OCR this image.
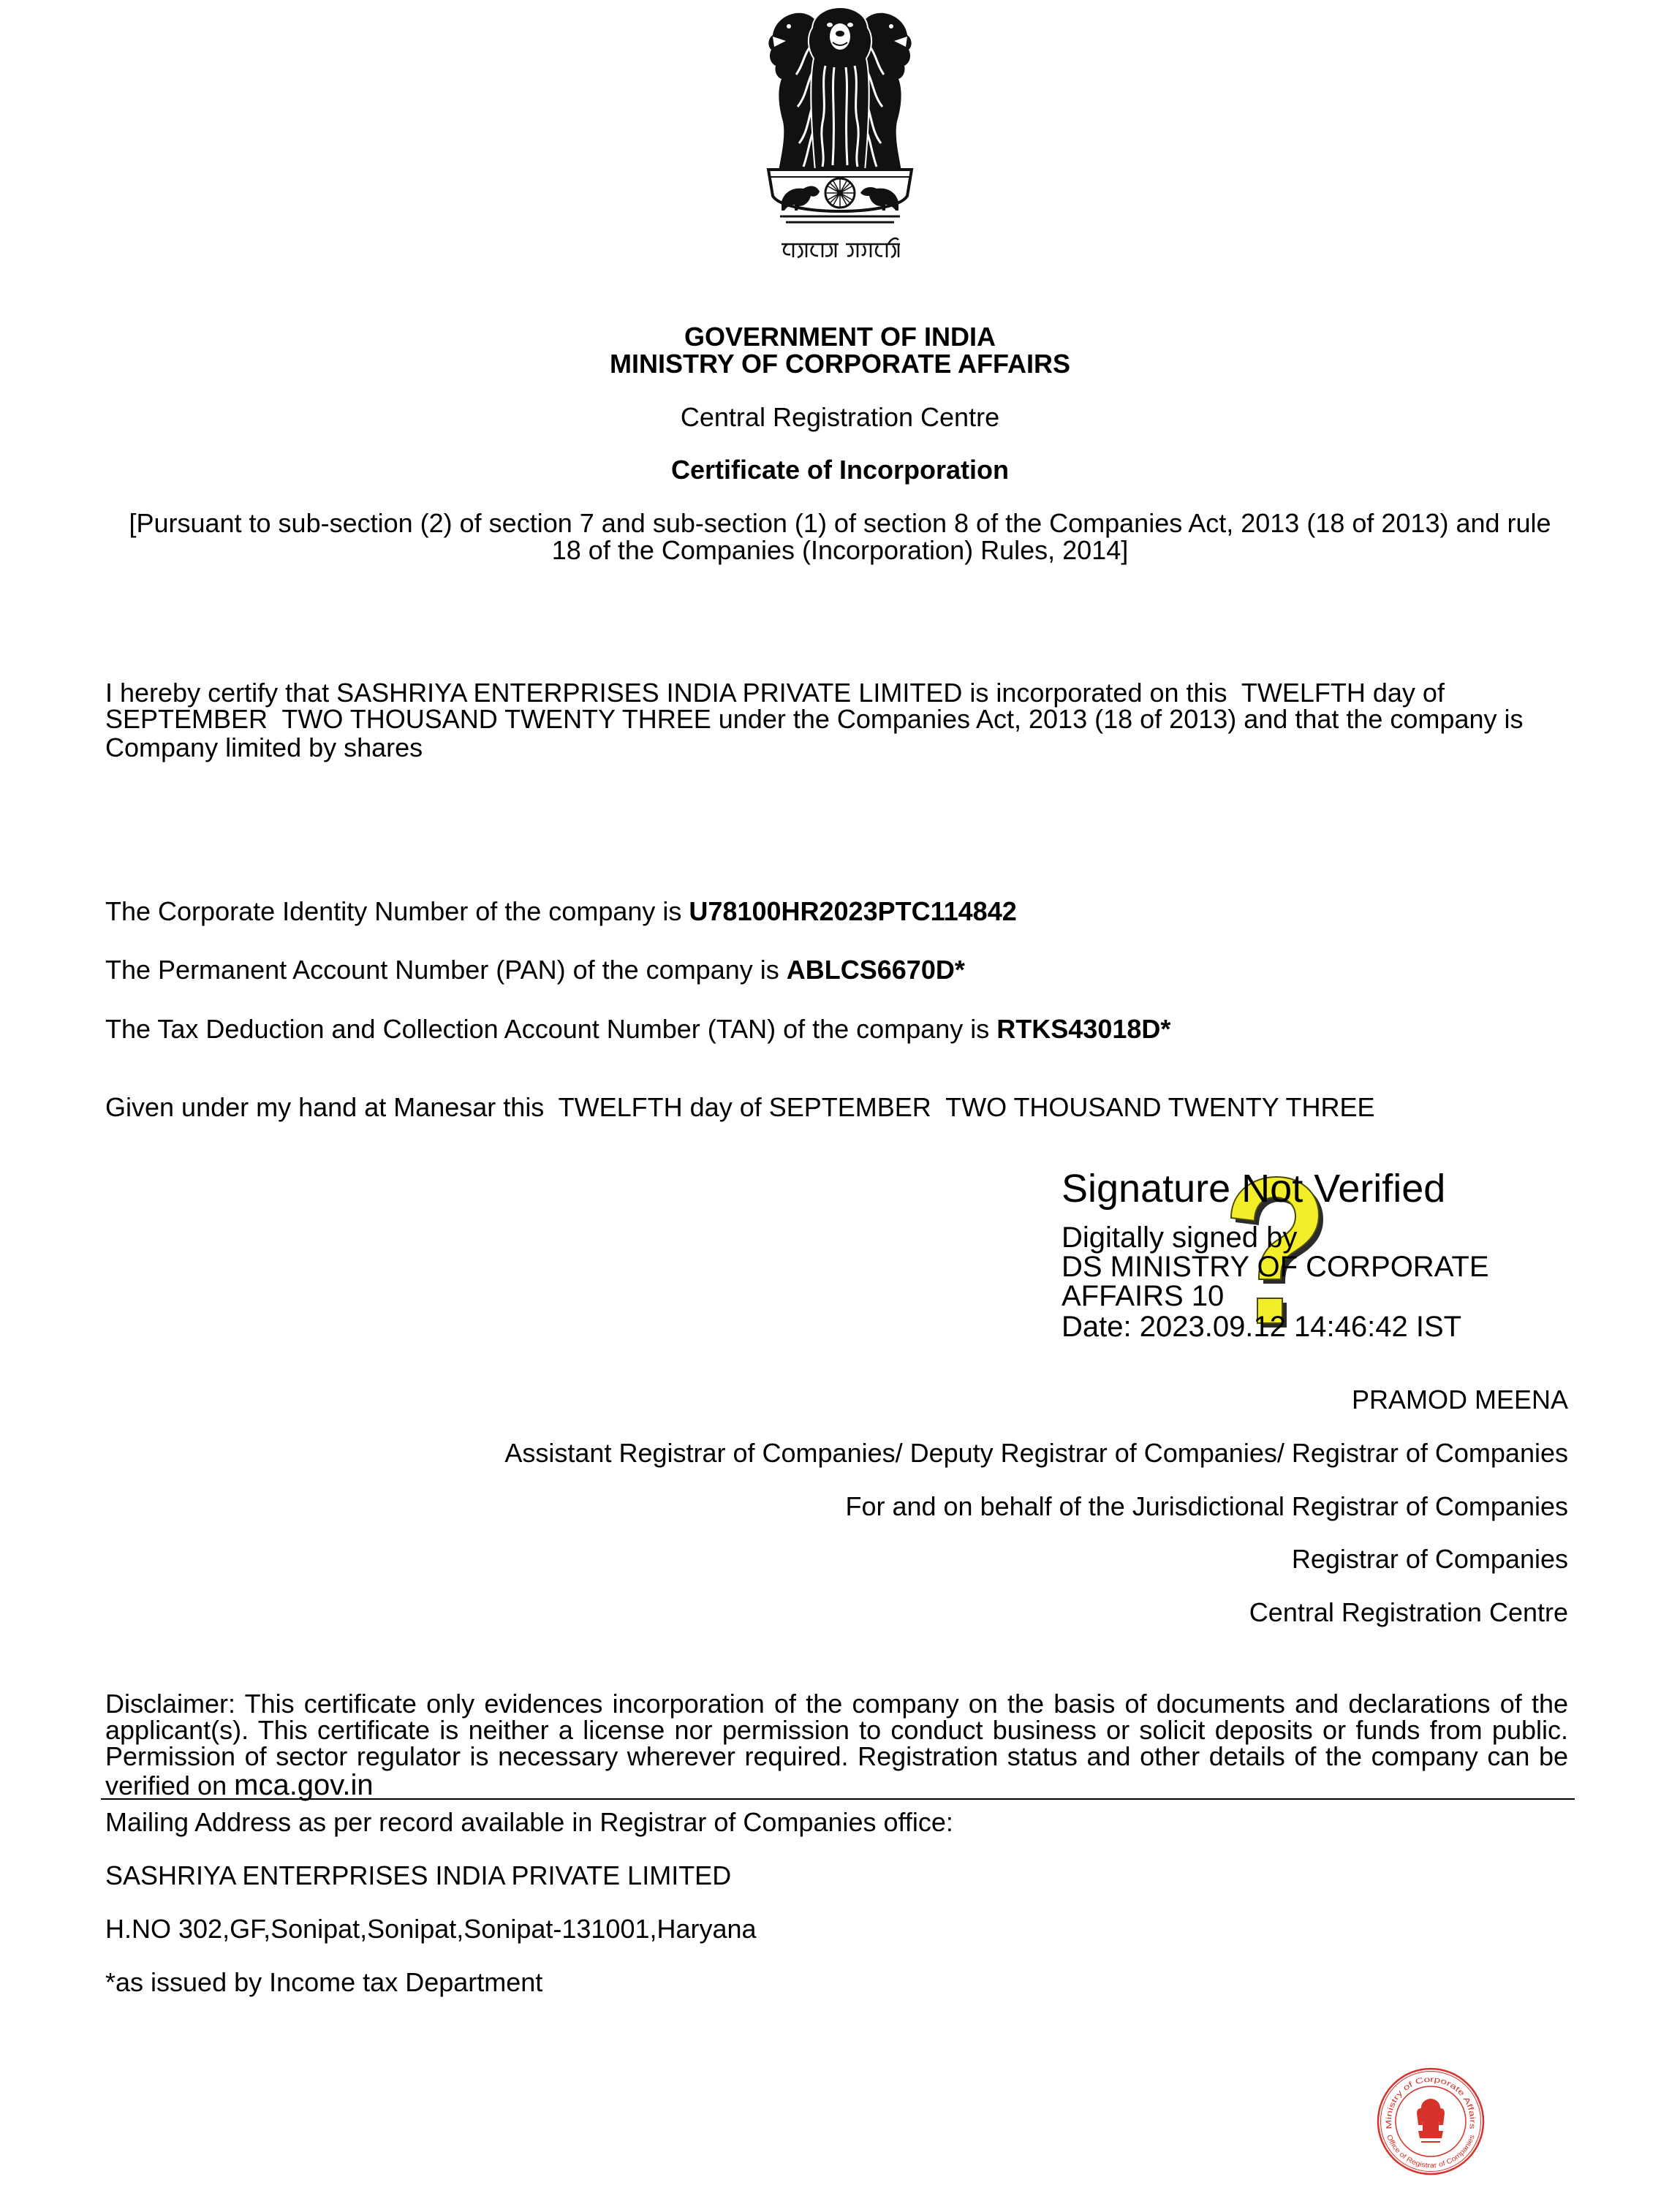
GOVERNMENT OF INDIA
MINISTRY OF CORPORATE AFFAIRS
Central Registration Centre
Certificate of Incorporation
[Pursuant to sub-section (2) of section 7 and sub-section (1) of section 8 of the Companies Act, 2013 (18 of 2013) and rule
18 of the Companies (Incorporation) Rules, 2014]
I hereby certify that SASHRIYA ENTERPRISES INDIA PRIVATE LIMITED is incorporated on this  TWELFTH day of
SEPTEMBER  TWO THOUSAND TWENTY THREE under the Companies Act, 2013 (18 of 2013) and that the company is
Company limited by shares
The Corporate Identity Number of the company is U78100HR2023PTC114842
The Permanent Account Number (PAN) of the company is ABLCS6670D*
The Tax Deduction and Collection Account Number (TAN) of the company is RTKS43018D*
Given under my hand at Manesar this  TWELFTH day of SEPTEMBER  TWO THOUSAND TWENTY THREE
Signature Not Verified
Digitally signed by
DS MINISTRY OF CORPORATE
AFFAIRS 10
Date: 2023.09.12 14:46:42 IST
PRAMOD MEENA
Assistant Registrar of Companies/ Deputy Registrar of Companies/ Registrar of Companies
For and on behalf of the Jurisdictional Registrar of Companies
Registrar of Companies
Central Registration Centre
Disclaimer: This certificate only evidences incorporation of the company on the basis of documents and declarations of the
applicant(s). This certificate is neither a license nor permission to conduct business or solicit deposits or funds from public.
Permission of sector regulator is necessary wherever required. Registration status and other details of the company can be
verified on mca.gov.in
Mailing Address as per record available in Registrar of Companies office:
SASHRIYA ENTERPRISES INDIA PRIVATE LIMITED
H.NO 302,GF,Sonipat,Sonipat,Sonipat-131001,Haryana
*as issued by Income tax Department
Ministry of Corporate Affairs
Office of Registrar of Companies
